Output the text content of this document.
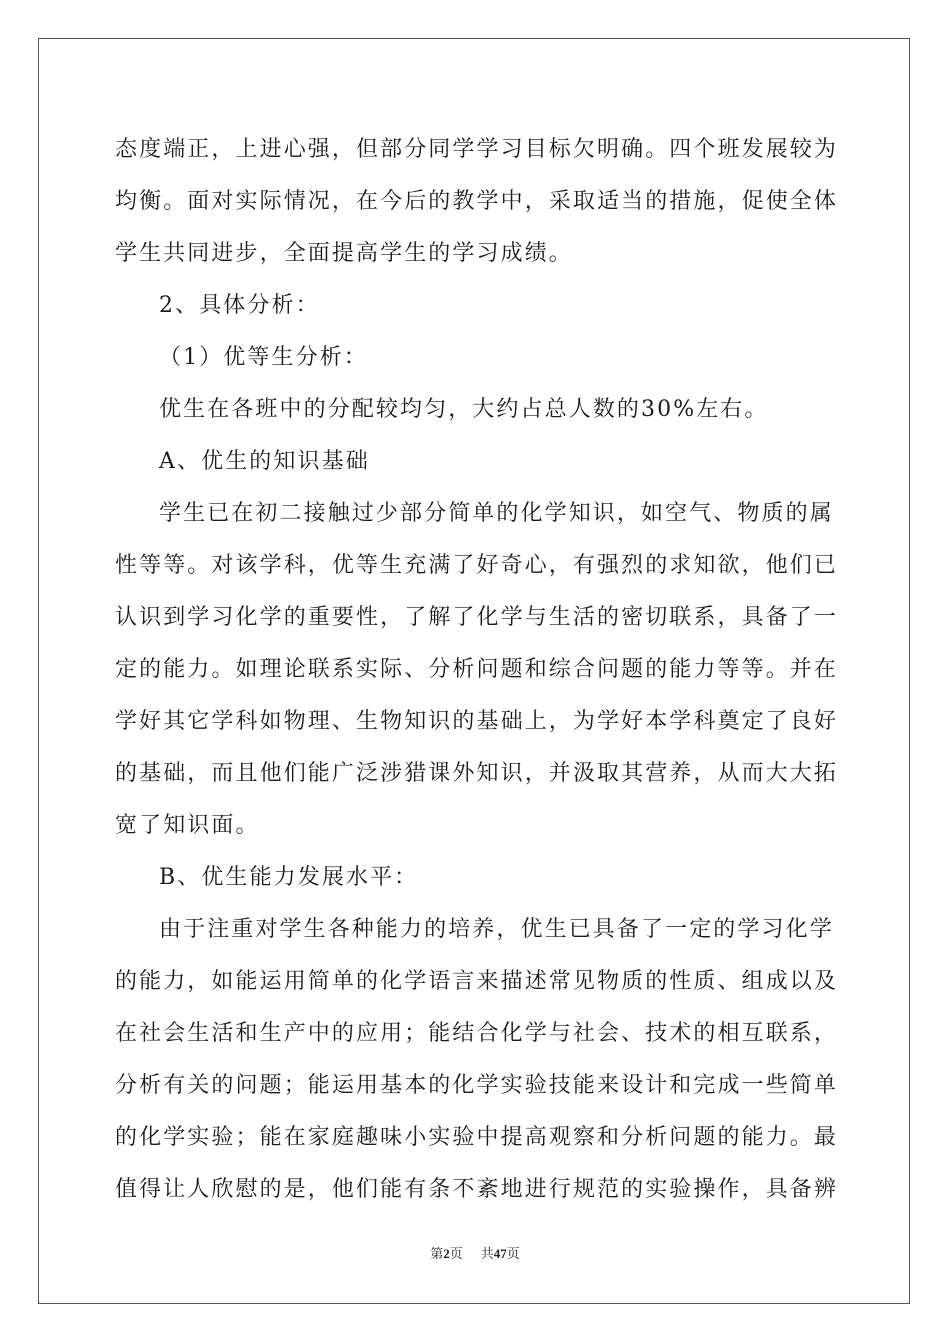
态度端正，上进心强，但部分同学学习目标欠明确。四个班发展较为

均衡。面对实际情况，在今后的教学中，采取适当的措施，促使全体

学生共同进步，全面提高学生的学习成绩。

2、具体分析：

（1）优等生分析：

优生在各班中的分配较均匀，大约占总人数的30%左右。

A、优生的知识基础

学生已在初二接触过少部分简单的化学知识，如空气、物质的属

性等等。对该学科，优等生充满了好奇心，有强烈的求知欲，他们已

认识到学习化学的重要性，了解了化学与生活的密切联系，具备了一

定的能力。如理论联系实际、分析问题和综合问题的能力等等。并在

学好其它学科如物理、生物知识的基础上，为学好本学科奠定了良好

的基础，而且他们能广泛涉猎课外知识，并汲取其营养，从而大大拓

宽了知识面。

B、优生能力发展水平：

由于注重对学生各种能力的培养，优生已具备了一定的学习化学

的能力，如能运用简单的化学语言来描述常见物质的性质、组成以及

在社会生活和生产中的应用；能结合化学与社会、技术的相互联系，

分析有关的问题；能运用基本的化学实验技能来设计和完成一些简单

的化学实验；能在家庭趣味小实验中提高观察和分析问题的能力。最

值得让人欣慰的是，他们能有条不紊地进行规范的实验操作，具备辨

第2页 共47页
